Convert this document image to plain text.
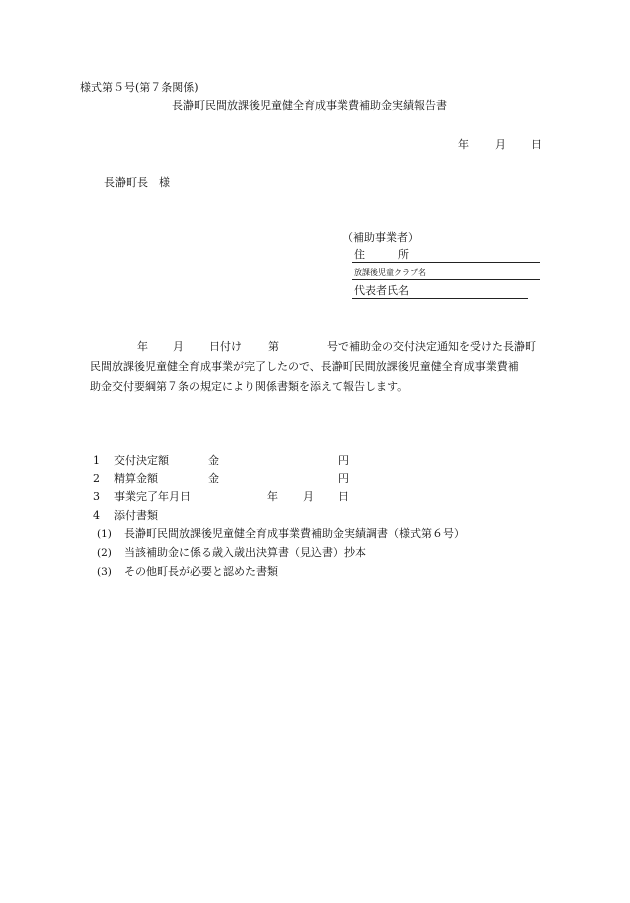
様式第５号(第７条関係)
長瀞町民間放課後児童健全育成事業費補助金実績報告書
年 月 日
長瀞町長　様
（補助事業者）
住	所
放課後児童クラブ名
代表者氏名
年 月 日付け 第	号で補助金の交付決定通知を受けた長瀞町
民間放課後児童健全育成事業が完了したので、長瀞町民間放課後児童健全育成事業費補
助金交付要綱第７条の規定により関係書類を添えて報告します。
1 交付決定額	金	円
2 精算金額	金	円
3 事業完了年月日	年 月 日
4 添付書類
(1) 長瀞町民間放課後児童健全育成事業費補助金実績調書（様式第６号）
(2) 当該補助金に係る歳入歳出決算書（見込書）抄本
(3) その他町長が必要と認めた書類
